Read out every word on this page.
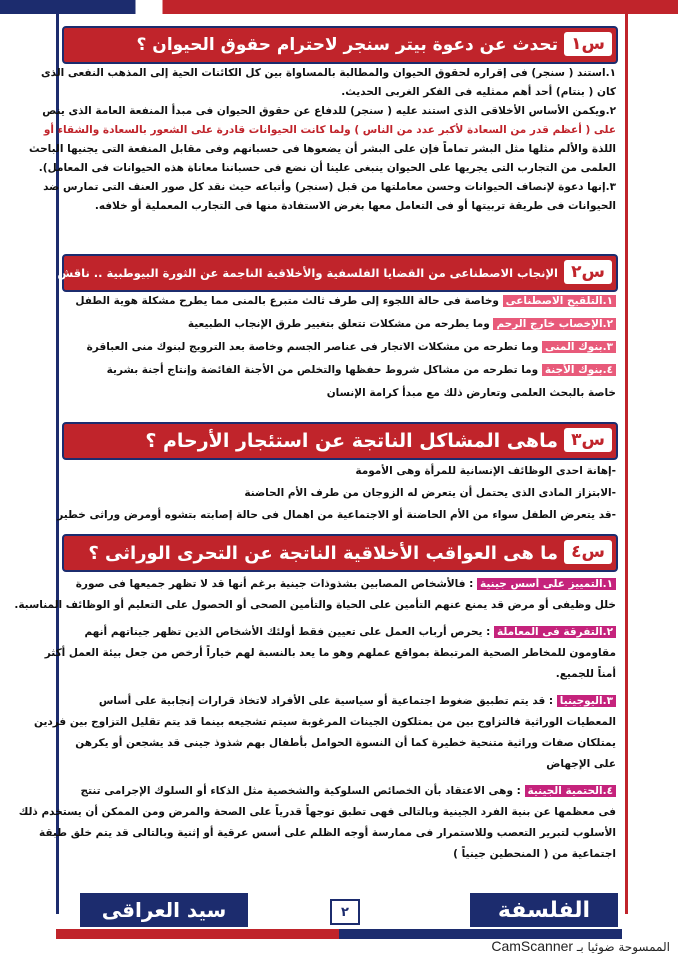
س١
تحدث عن دعوة بيتر سنجر لاحترام حقوق الحيوان ؟
١.استند ( سنجر) فى إقراره لحقوق الحيوان والمطالبة بالمساواة بين كل الكائنات الحية إلى المذهب النفعى الذى
كان ( بنتام) أحد أهم ممثليه فى الفكر الغربى الحديث.
٢.ويكمن الأساس الأخلاقى الذى استند عليه ( سنجر) للدفاع عن حقوق الحيوان فى مبدأ المنفعة العامة الذى ينص
على ( أعظم قدر من السعادة لأكبر عدد من الناس ) ولما كانت الحيوانات قادرة على الشعور بالسعادة والشقاء أو
اللذة والألم مثلها مثل البشر تماماً فإن على البشر أن يضعوها فى حسبانهم وفى مقابل المنفعة التى يجنيها الباحث
العلمى من التجارب التى يجريها على الحيوان ينبغى علينا أن نضع فى حسباننا معاناة هذه الحيوانات فى المعامل).
٣.إنها دعوة لإنصاف الحيوانات وحسن معاملتها من قبل (سنجر) وأتباعه حيث نقد كل صور العنف التى تمارس ضد
الحيوانات فى طريقة تربيتها أو فى التعامل معها بغرض الاستفادة منها فى التجارب المعملية أو خلافه.
س٢
الإنجاب الاصطناعى من القضايا الفلسفية والأخلاقية الناجمة عن الثورة البيوطبية .. ناقش بالأمثلة؟
١.التلقيح الاصطناعى وخاصة فى حالة اللجوء إلى طرف ثالث متبرع بالمنى مما يطرح مشكلة هوية الطفل
٢.الإخصاب خارج الرحم وما يطرحه من مشكلات تتعلق بتغيير طرق الإنجاب الطبيعية
٣.بنوك المنى وما تطرحه من مشكلات الاتجار فى عناصر الجسم وخاصة بعد الترويج لبنوك منى العباقرة
٤.بنوك الأجنة وما تطرحه من مشاكل شروط حفظها والتخلص من الأجنة الفائضة وإنتاج أجنة بشرية
خاصة بالبحث العلمى وتعارض ذلك مع مبدأ كرامة الإنسان
س٣
ماهى المشاكل الناتجة عن استئجار الأرحام ؟
-إهانة احدى الوظائف الإنسانية للمرأة وهى الأمومة
-الابتزاز المادى الذى يحتمل أن يتعرض له الزوجان من طرف الأم الحاضنة
-قد يتعرض الطفل سواء من الأم الحاضنة أو الاجتماعية من اهمال فى حالة إصابته بتشوه أومرض وراثى خطير
س٤
ما هى العواقب الأخلاقية الناتجة عن التحرى الوراثى ؟
١.التمييز على أسس جينية : فالأشخاص المصابين بشذوذات جينية برغم أنها قد لا تظهر جميعها فى صورة
خلل وظيفى أو مرض قد يمنع عنهم التأمين على الحياة والتأمين الصحى أو الحصول على التعليم أو الوظائف المناسبة.
٢.التفرقة فى المعاملة : يحرص أرباب العمل على تعيين فقط أولئك الأشخاص الذين تظهر جيناتهم أنهم
مقاومون للمخاطر الصحية المرتبطة بمواقع عملهم وهو ما يعد بالنسبة لهم خياراً أرخص من جعل بيئة العمل أكثر
أمناً للجميع.
٣.اليوجينيا : قد يتم تطبيق ضغوط اجتماعية أو سياسية على الأفراد لاتخاذ قرارات إنجابية على أساس
المعطيات الوراثية فالتزاوج بين من يمتلكون الجينات المرغوبة سيتم تشجيعه بينما قد يتم تقليل التزاوج بين فردين
يمتلكان صفات وراثية متنحية خطيرة كما أن النسوة الحوامل بأطفال بهم شذوذ جينى قد يشجعن أو يكرهن
على الإجهاض
٤.الحتمية الجينية : وهى الاعتقاد بأن الخصائص السلوكية والشخصية مثل الذكاء أو السلوك الإجرامى تنتج
فى معظمها عن بنية الفرد الجينية وبالتالى فهى تطبق توجهاً قدرياً على الصحة والمرض ومن الممكن أن يستخدم ذلك
الأسلوب لتبرير التعصب وللاستمرار فى ممارسة أوجه الظلم على أسس عرقية أو إثنية وبالتالى قد يتم خلق طبقة
اجتماعية من ( المنحطين جينياً )
سيد العراقى	٢	الفلسفة
الممسوحة ضوئيا بـ CamScanner
